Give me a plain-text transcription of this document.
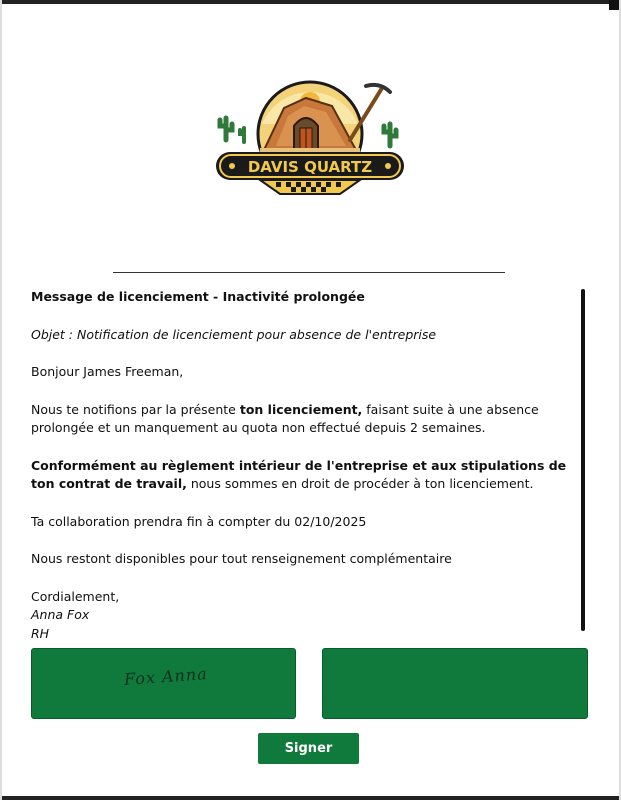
DAVIS QUARTZ

Message de licenciement - Inactivité prolongée

Objet : Notification de licenciement pour absence de l'entreprise

Bonjour James Freeman,

Nous te notifions par la présente ton licenciement, faisant suite à une absence prolongée et un manquement au quota non effectué depuis 2 semaines.

Conformément au règlement intérieur de l'entreprise et aux stipulations de ton contrat de travail, nous sommes en droit de procéder à ton licenciement.

Ta collaboration prendra fin à compter du 02/10/2025

Nous restont disponibles pour tout renseignement complémentaire

Cordialement,

Anna Fox

RH

Fox Anna
Signer
